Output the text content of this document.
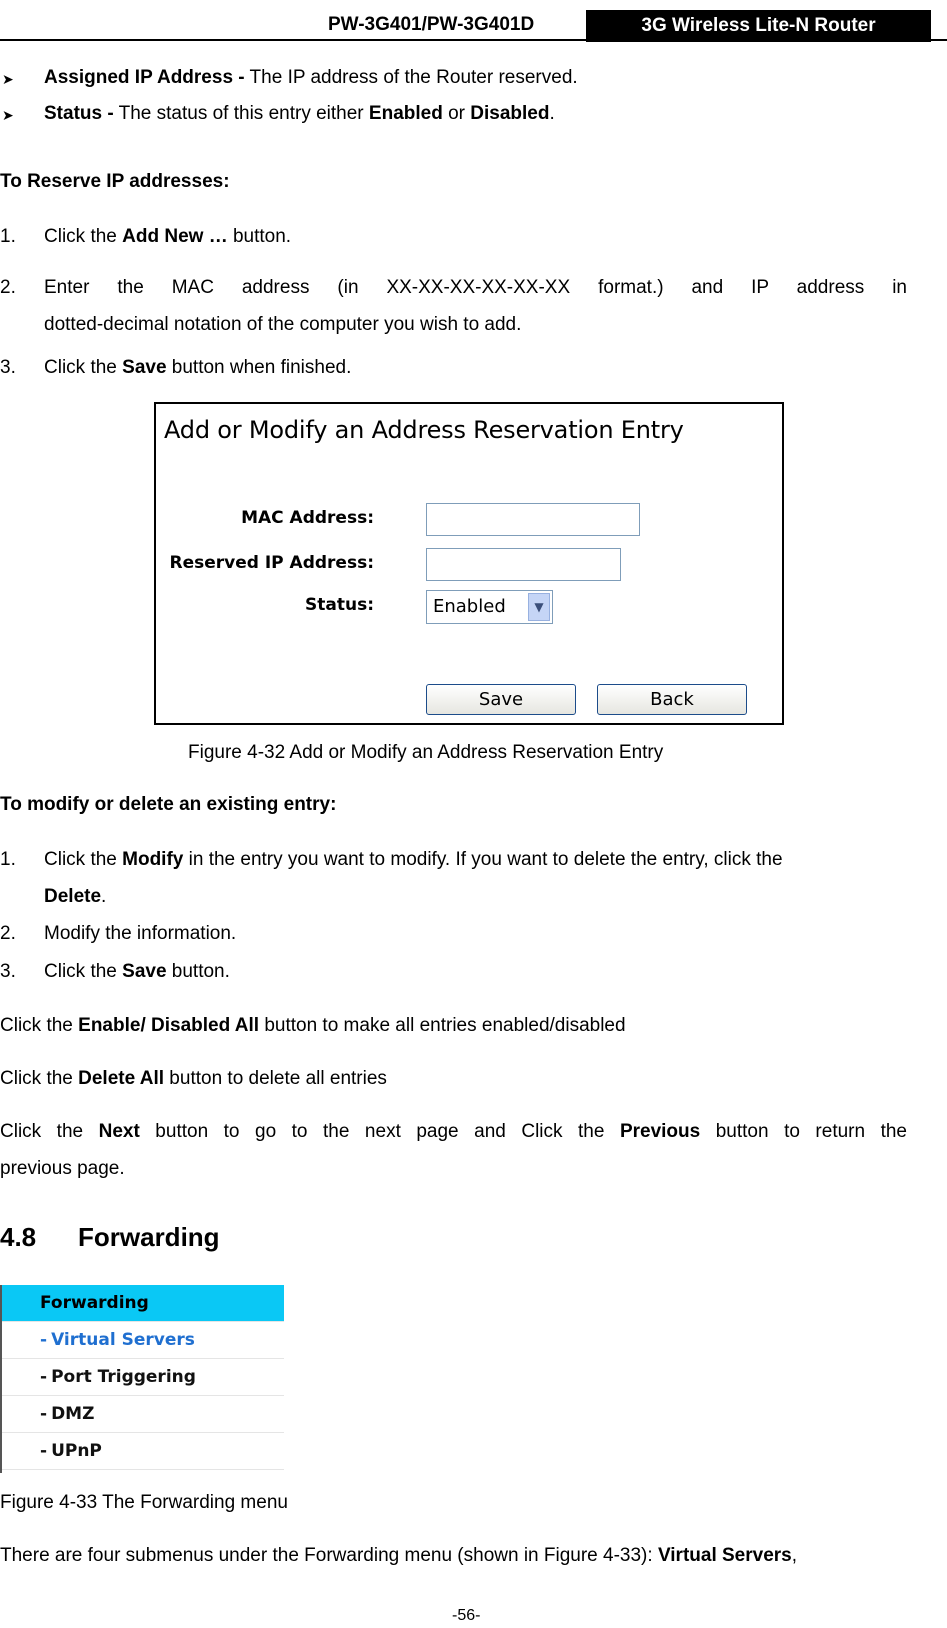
PW-3G401/PW-3G401D	3G Wireless Lite-N Router
➤ Assigned IP Address - The IP address of the Router reserved.
➤ Status - The status of this entry either Enabled or Disabled.
To Reserve IP addresses:
1. Click the Add New … button.
2. Enter the MAC address (in XX-XX-XX-XX-XX-XX format.) and IP address in
dotted-decimal notation of the computer you wish to add.
3. Click the Save button when finished.
Add or Modify an Address Reservation Entry
MAC Address:
Reserved IP Address:
Status:	Enabled	▼
Save	Back
Figure 4-32 Add or Modify an Address Reservation Entry
To modify or delete an existing entry:
1. Click the Modify in the entry you want to modify. If you want to delete the entry, click the
Delete.
2. Modify the information.
3. Click the Save button.
Click the Enable/ Disabled All button to make all entries enabled/disabled
Click the Delete All button to delete all entries
Click the Next button to go to the next page and Click the Previous button to return the
previous page.
4.8 Forwarding
Forwarding
- Virtual Servers
- Port Triggering
- DMZ
- UPnP
Figure 4-33 The Forwarding menu
There are four submenus under the Forwarding menu (shown in Figure 4-33): Virtual Servers,
-56-
